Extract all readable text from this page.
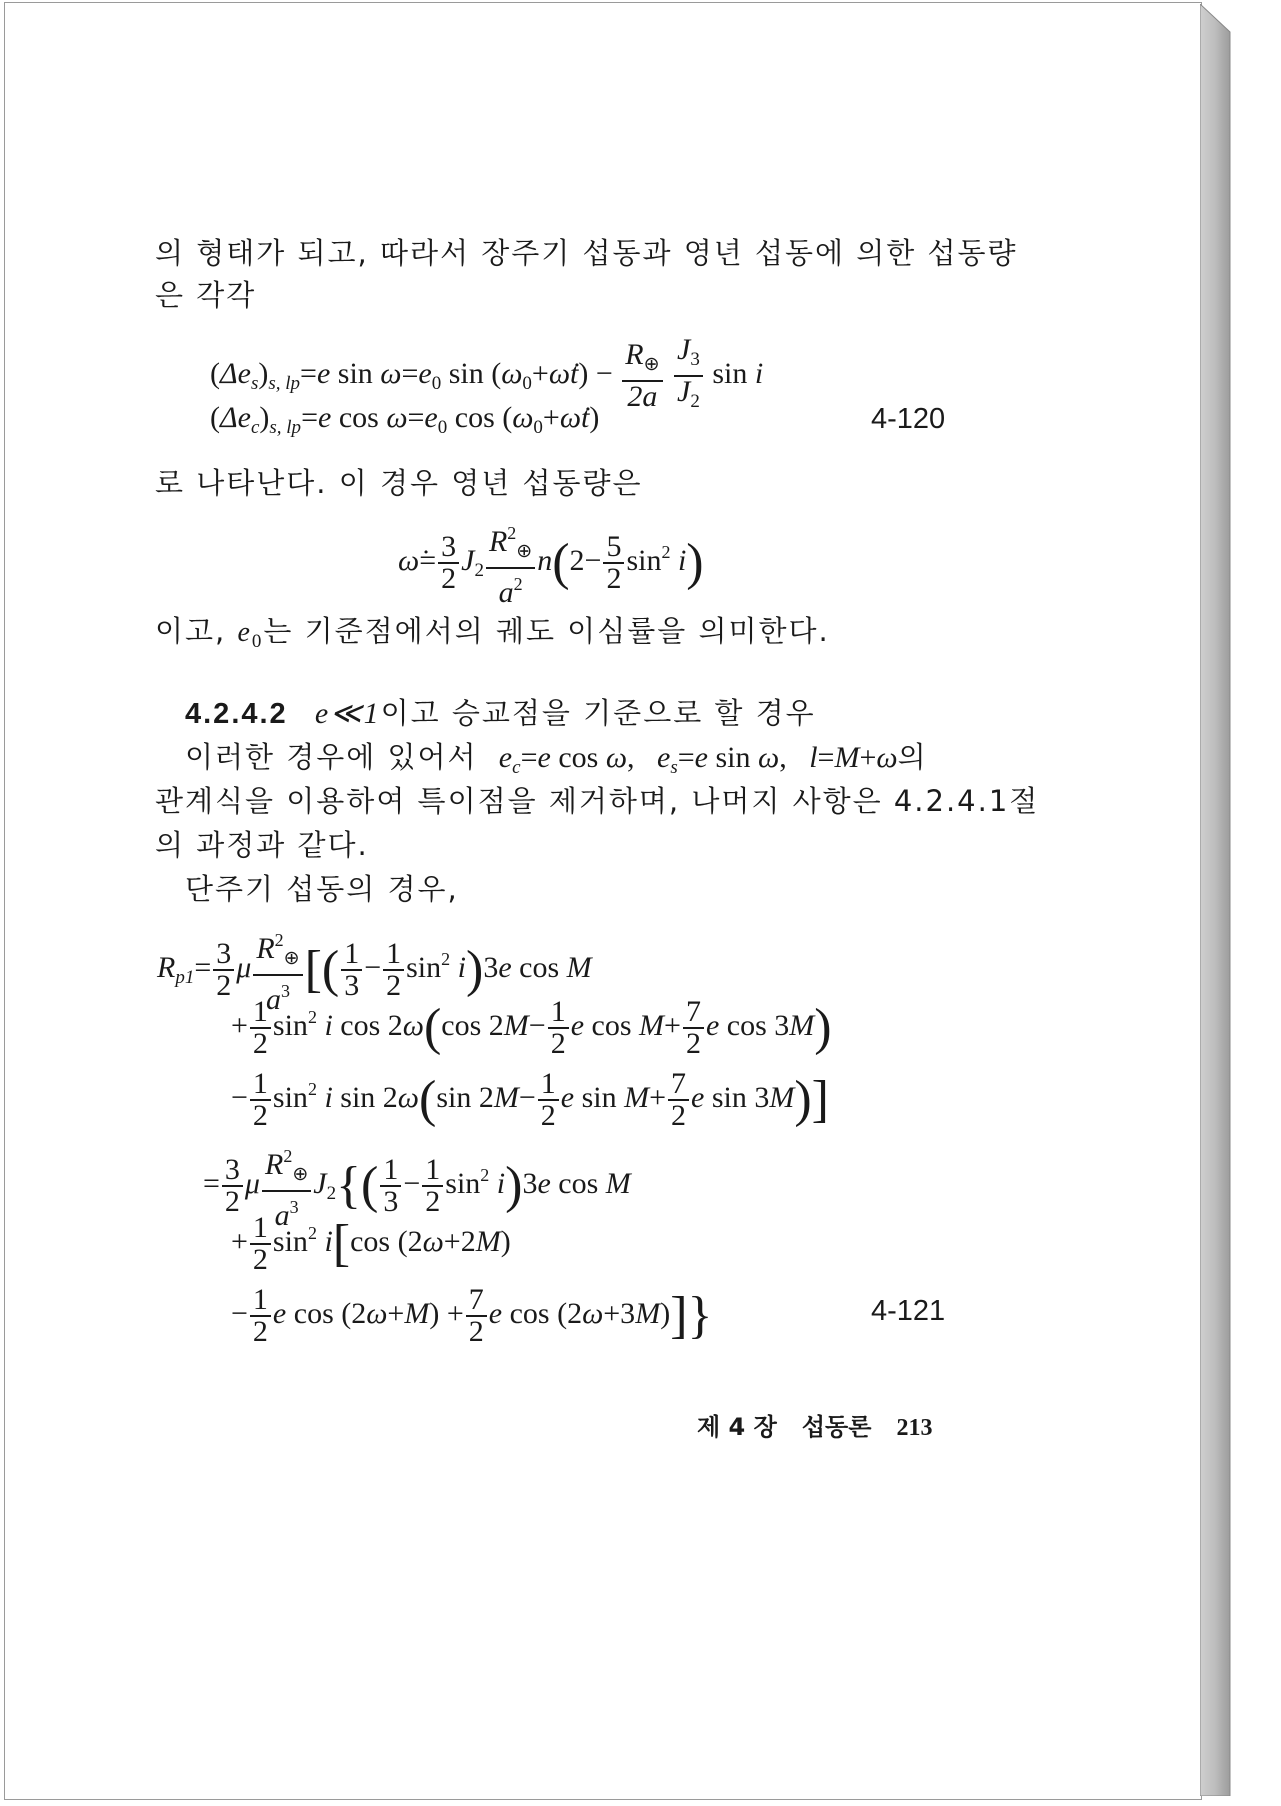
의 형태가 되고, 따라서 장주기 섭동과 영년 섭동에 의한 섭동량
은 각각
$(\Delta e_s)_{s, lp}=e$ $\sin \omega=e_0$ $\sin (\omega_0+\omegȧt) - \frac{R_\oplus}{2a}$
$\frac{J_3}{J_2}$ sin i
$(\Delta e_c)_{s, lp}=e$ $\cos \omega=e_0$ $\cos (\omega_0+\omegȧt)$	4-120
로 나타난다. 이 경우 영년 섭동량은
ω̇= $\frac{3}{2} J_2 \frac{R^2_\oplus}{a^2} n(2- \frac{5}{2} \sin^2 i)$
이고, $e_0$는 기준점에서의 궤도 이심률을 의미한다.
4.2.4.2 e≪1이고 승교점을 기준으로 할 경우
이러한 경우에 있어서 $e_c=e$ cos ω,   $e_s=e$ sin ω,   l=M+ω의
관계식을 이용하여 특이점을 제거하며, 나머지 사항은 4.2.4.1절
의 과정과 같다.
단주기 섭동의 경우,
$R_{p1}= \frac{3}{2}$ μ $\frac{R^2_\oplus}{a^3}$ [( $\frac{1}{3} - \frac{1}{2} \sin^2 i)3e$ cos M
+ $\frac{1}{2} \sin^2 i$ cos 2ω(cos $2M- \frac{1}{2}$ e $\cos M+ \frac{7}{2}$ e cos 3M)
− $\frac{1}{2} \sin^2 i$ sin 2ω(sin $2M- \frac{1}{2}$ e $\sin M+ \frac{7}{2}$ e sin 3M)]
= $\frac{3}{2}$ μ $\frac{R^2_\oplus}{a^3} J_2\{( \frac{1}{3} - \frac{1}{2} \sin^2 i)3e$ cos M
+ $\frac{1}{2} \sin^2 i[\cos$ (2ω+2M)
− $\frac{1}{2}$ e $\cos (2\omega+M) + \frac{7}{2}$ e cos (2ω+3M)]}	4-121
제 4 장 섭동론 213
